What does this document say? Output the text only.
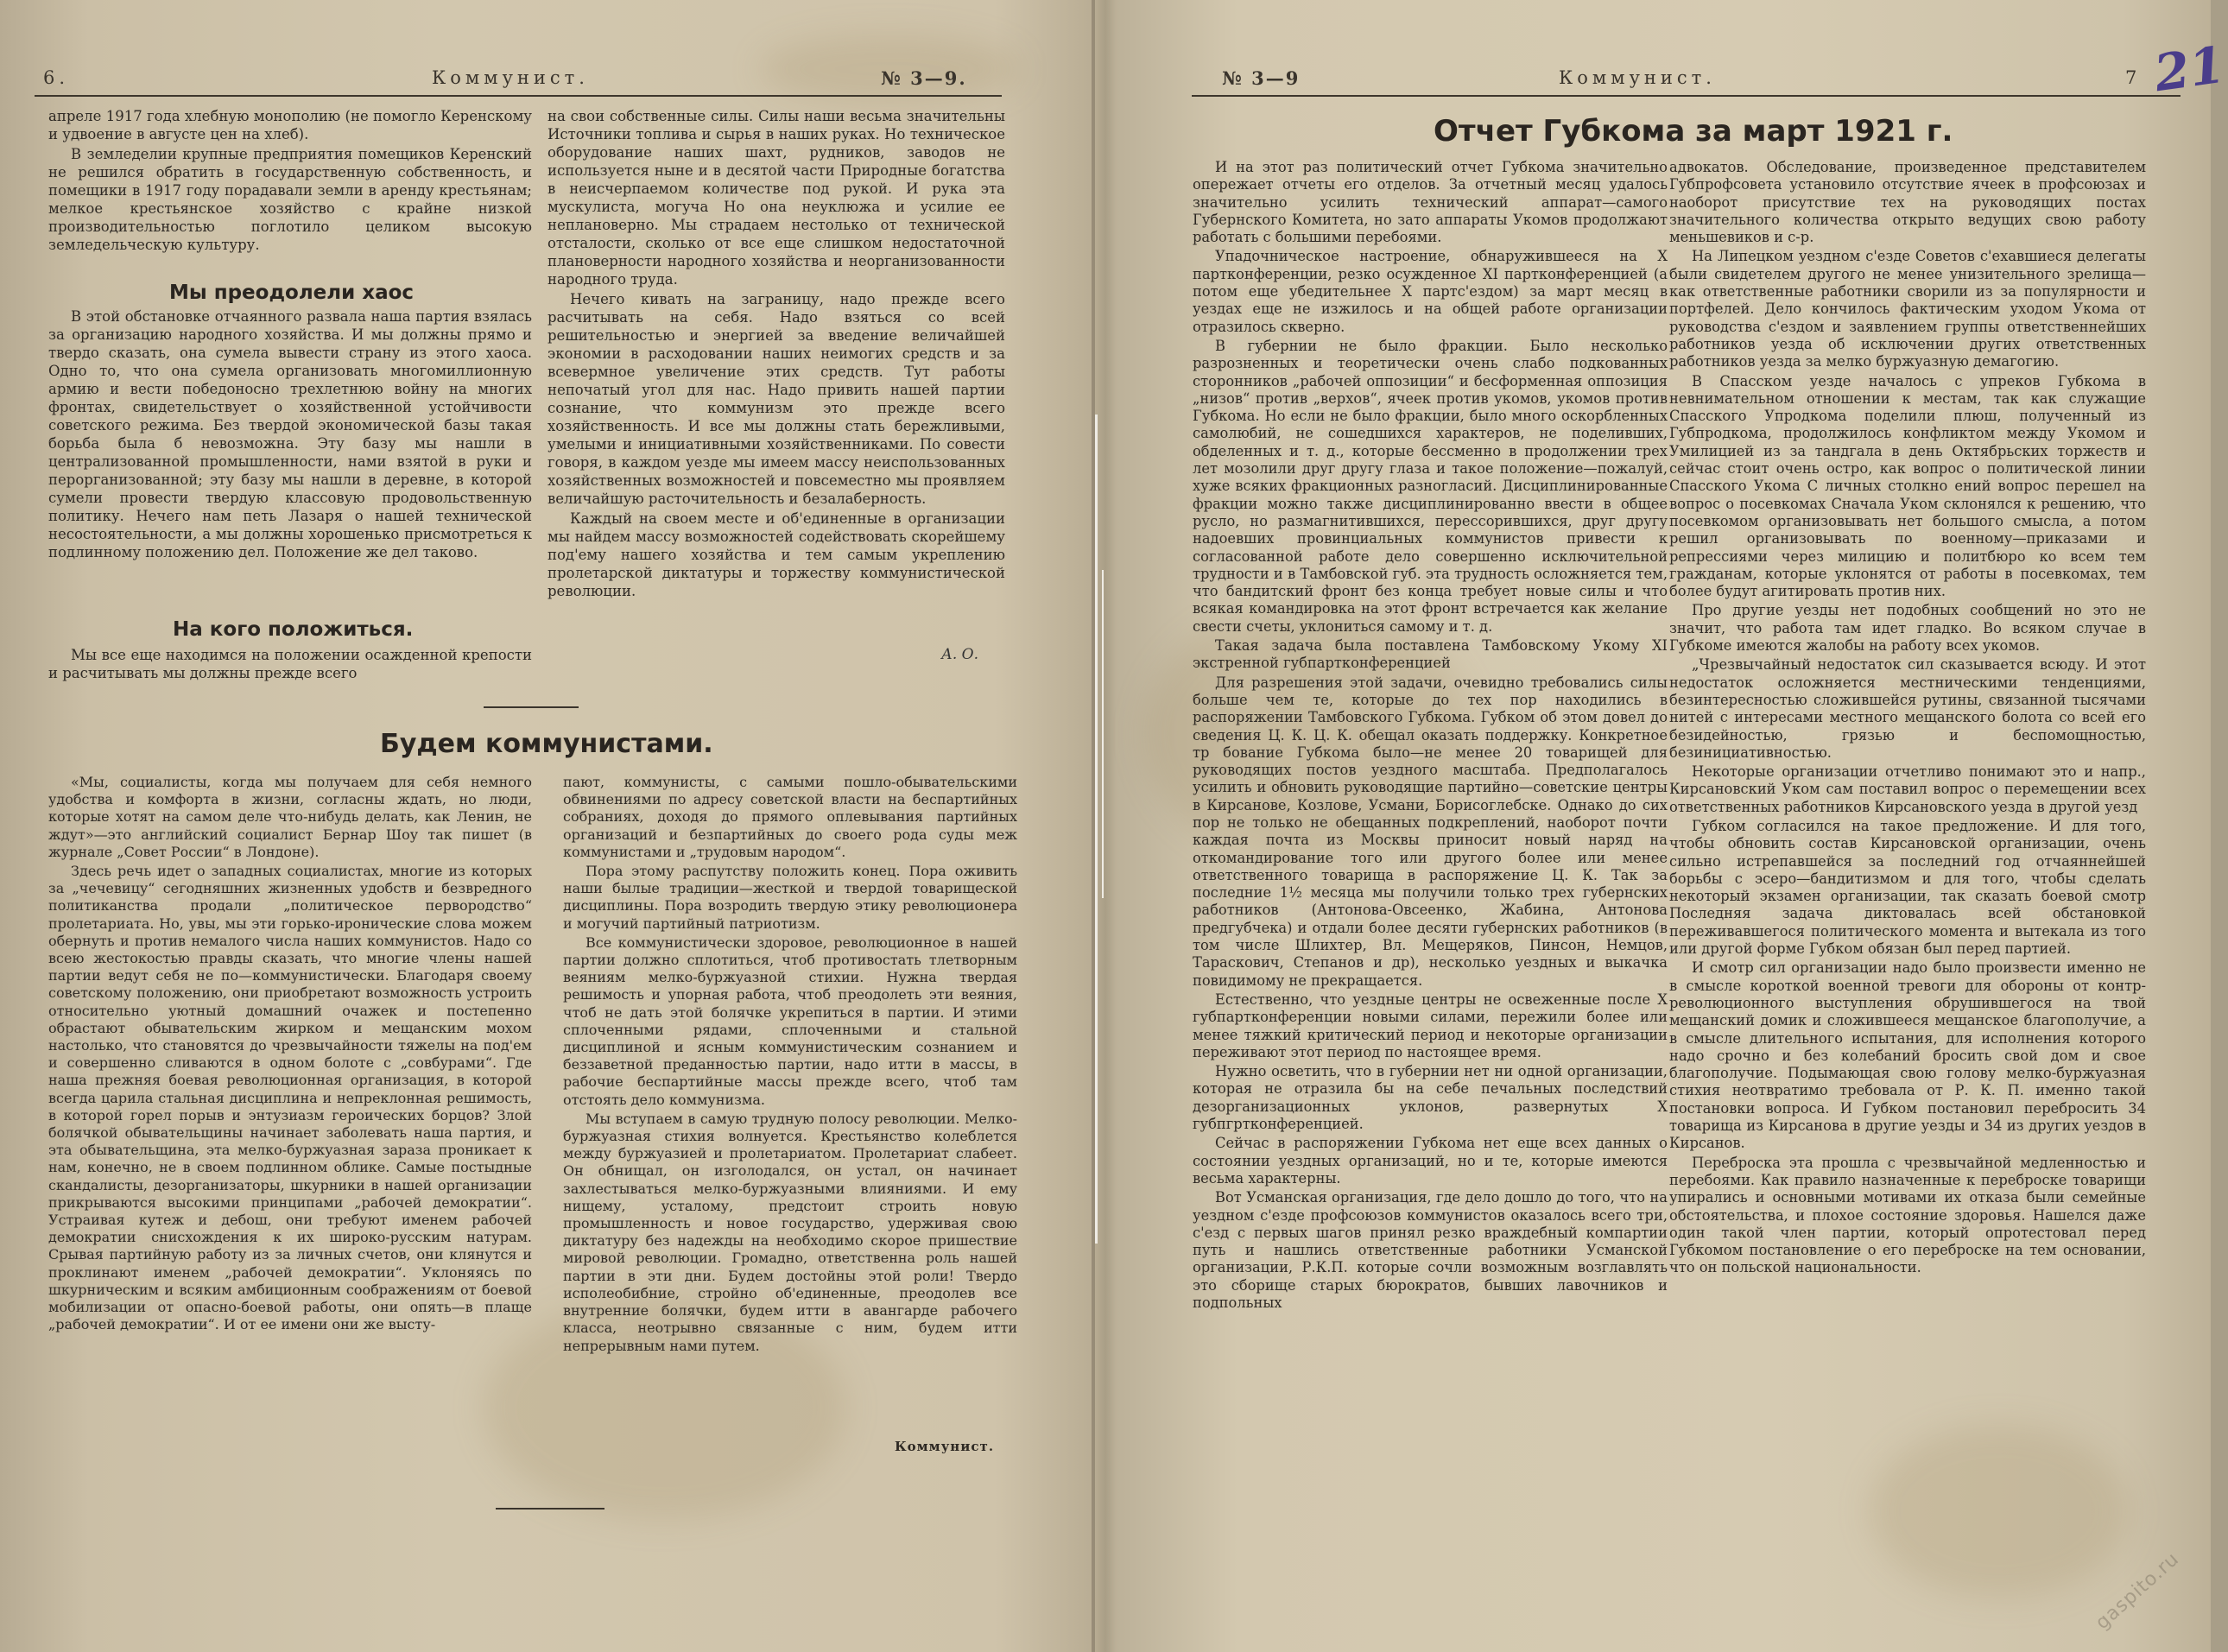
6.	Коммунист.	№ 3—9.

апреле 1917 года хлебную монополию (не помогло Керенскому и удвоение в августе цен на хлеб).

В земледелии крупные предприятия помещиков Керенский не решился обратить в государственную собственность, и помещики в 1917 году порадавали земли в аренду крестьянам; мелкое крестьянское хозяйство с крайне низкой производительностью поглотило целиком высокую земледельческую культуру.

Мы преодолели хаос

В этой обстановке отчаянного развала наша партия взялась за организацию народного хозяйства. И мы должны прямо и твердо сказать, она сумела вывести страну из этого хаоса. Одно то, что она сумела организовать многомиллионную армию и вести победоносно трехлетнюю войну на многих фронтах, свидетельствует о хозяйственной устойчивости советского режима. Без твердой экономической базы такая борьба была б невозможна. Эту базу мы нашли в централизованной промышленности, нами взятой в руки и перорганизованной; эту базу мы нашли в деревне, в которой сумели провести твердую классовую продовольственную политику. Нечего нам петь Лазаря о нашей технической несостоятельности, а мы должны хорошенько присмотреться к подлинному положению дел. Положение же дел таково.

На кого положиться.

Мы все еще находимся на положении осажденной крепости и расчитывать мы должны прежде всего

на свои собственные силы. Силы наши весьма значительны Источники топлива и сырья в наших руках. Но техническое оборудование наших шахт, рудников, заводов не используется ныне и в десятой части Природные богатства в неисчерпаемом количестве под рукой. И рука эта мускулиста, могуча Но она неуклюжа и усилие ее неплановерно. Мы страдаем нестолько от технической отсталости, сколько от все еще слишком недостаточной плановерности народного хозяйства и неорганизованности народного труда.

Нечего кивать на заграницу, надо прежде всего расчитывать на себя. Надо взяться со всей решительностью и энергией за введение величайшей экономии в расходовании наших неимогих средств и за всевермное увеличение этих средств. Тут работы непочатый угол для нас. Надо привить нашей партии сознание, что коммунизм это прежде всего хозяйственность. И все мы должны стать бережливыми, умелыми и инициативными хозяйственниками. По совести говоря, в каждом уезде мы имеем массу неиспользованных хозяйственных возможностей и повсеместно мы проявляем величайшую расточительность и безалаберность.

Каждый на своем месте и об'единенные в организации мы найдем массу возможностей содействовать скорейшему под'ему нашего хозяйства и тем самым укреплению пролетарской диктатуры и торжеству коммунистической революции.

А. О.
Будем коммунистами.

«Мы, социалисты, когда мы получаем для себя немного удобства и комфорта в жизни, согласны ждать, но люди, которые хотят на самом деле что-нибудь делать, как Ленин, не ждут»—это английский социалист Бернар Шоу так пишет (в журнале „Совет России“ в Лондоне).

Здесь речь идет о западных социалистах, многие из которых за „чечевицу“ сегодняшних жизненных удобств и безвредного политиканства продали „политическое первородство“ пролетариата. Но, увы, мы эти горько-иронические слова можем обернуть и против немалого числа наших коммунистов. Надо со всею жестокостью правды сказать, что многие члены нашей партии ведут себя не по—коммунистически. Благодаря своему советскому положению, они приобретают возможность устроить относительно уютный домашний очажек и постепенно обрастают обывательским жирком и мещанским мохом настолько, что становятся до чрезвычайности тяжелы на под'ем и совершенно сливаются в одном болоте с „совбурами“. Где наша прежняя боевая революционная организация, в которой всегда царила стальная дисциплина и непреклонная решимость, в которой горел порыв и энтузиазм героических борцов? Злой болячкой обывательщины начинает заболевать наша партия, и эта обывательщина, эта мелко-буржуазная зараза проникает к нам, конечно, не в своем подлинном облике. Самые постыдные скандалисты, дезорганизаторы, шкурники в нашей организации прикрываются высокими принципами „рабочей демократии“. Устраивая кутеж и дебош, они требуют именем рабочей демократии снисхождения к их широко-русским натурам. Срывая партийную работу из за личных счетов, они клянутся и проклинают именем „рабочей демократии“. Уклоняясь по шкурническим и всяким амбиционным соображениям от боевой мобилизации от опасно-боевой работы, они опять—в плаще „рабочей демократии“. И от ее имени они же высту-

пают, коммунисты, с самыми пошло-обывательскими обвинениями по адресу советской власти на беспартийных собраниях, доходя до прямого оплевывания партийных организаций и безпартийных до своего рода суды меж коммунистами и „трудовым народом“.

Пора этому распутству положить конец. Пора оживить наши былые традиции—жесткой и твердой товарищеской дисциплины. Пора возродить твердую этику революционера и могучий партийный патриотизм.

Все коммунистически здоровое, революционное в нашей партии должно сплотиться, чтоб противостать тлетворным веяниям мелко-буржуазной стихии. Нужна твердая решимость и упорная работа, чтоб преодолеть эти веяния, чтоб не дать этой болячке укрепиться в партии. И этими сплоченными рядами, сплоченными и стальной дисциплиной и ясным коммунистическим сознанием и беззаветной преданностью партии, надо итти в массы, в рабочие беспартийные массы прежде всего, чтоб там отстоять дело коммунизма.

Мы вступаем в самую трудную полосу революции. Мелко-буржуазная стихия волнуется. Крестьянство колеблется между буржуазией и пролетариатом. Пролетариат слабеет. Он обнищал, он изголодался, он устал, он начинает захлестываться мелко-буржуазными влияниями. И ему нищему, усталому, предстоит строить новую промышленность и новое государство, удерживая свою диктатуру без надежды на необходимо скорое пришествие мировой революции. Громадно, ответственна роль нашей партии в эти дни. Будем достойны этой роли! Твердо исполеобибние, стройно об'единенные, преодолев все внутренние болячки, будем итти в авангарде рабочего класса, неотрывно связанные с ним, будем итти непрерывным нами путем.

Коммунист.
№ 3—9	Коммунист.	7 21
Отчет Губкома за март 1921 г.

И на этот раз политический отчет Губкома значительно опережает отчеты его отделов. За отчетный месяц удалось значительно усилить технический аппарат—самого Губернского Комитета, но зато аппараты Укомов продолжают работать с большими перебоями.

Упадочническое настроение, обнаружившееся на Х партконференции, резко осужденное ХI партконференцией (а потом еще убедительнее Х партс'ездом) за март месяц в уездах еще не изжилось и на общей работе организации отразилось скверно.

В губернии не было фракции. Было несколько разрозненных и теоретически очень слабо подкованных сторонников „рабочей оппозиции“ и бесформенная оппозиция „низов“ против „верхов“, ячеек против укомов, укомов против Губкома. Но если не было фракции, было много оскорбленных самолюбий, не сошедшихся характеров, не поделивших, обделенных и т. д., которые бессменно в продолжении трех лет мозолили друг другу глаза и такое положение—пожалуй, хуже всяких фракционных разногласий. Дисциплинированные фракции можно также дисциплинированно ввести в общее русло, но размагнитившихся, перессорившихся, друг другу надоевших провинциальных коммунистов привести к согласованной работе дело совершенно исключительной трудности и в Тамбовской губ. эта трудность осложняется тем, что бандитский фронт без конца требует новые силы и что всякая командировка на этот фронт встречается как желание свести счеты, уклониться самому и т. д.

Такая задача была поставлена Тамбовскому Укому ХI экстренной губпартконференцией

Для разрешения этой задачи, очевидно требовались силы больше чем те, которые до тех пор находились в распоряжении Тамбовского Губкома. Губком об этом довел до сведения Ц. К. Ц. К. обещал оказать поддержку. Конкретное тр бование Губкома было—не менее 20 товарищей для руководящих постов уездного масштаба. Предполагалось усилить и обновить руководящие партийно—советские центры в Кирсанове, Козлове, Усмани, Борисоглебске. Однако до сих пор не только не обещанных подкреплений, наоборот почти каждая почта из Москвы приносит новый наряд на откомандирование того или другого более или менее ответственного товарища в распоряжение Ц. К. Так за последние 1½ месяца мы получили только трех губернских работников (Антонова-Овсеенко, Жабина, Антонова предгубчека) и отдали более десяти губернских работников (в том числе Шлихтер, Вл. Мещеряков, Пинсон, Немцов, Тараскович, Степанов и др), несколько уездных и выкачка повидимому не прекращается.

Естественно, что уездные центры не освеженные после Х губпартконференции новыми силами, пережили более или менее тяжкий критический период и некоторые организации переживают этот период по настоящее время.

Нужно осветить, что в губернии нет ни одной организации, которая не отразила бы на себе печальных последствий дезорганизационных уклонов, развернутых Х губпгртконференцией.

Сейчас в распоряжении Губкома нет еще всех данных о состоянии уездных организаций, но и те, которые имеются весьма характерны.

Вот Усманская организация, где дело дошло до того, что на уездном с'езде профсоюзов коммунистов оказалось всего три, с'езд с первых шагов принял резко враждебный компартии путь и нашлись ответственные работники Усманской организации, Р.К.П. которые сочли возможным возглавлять это сборище старых бюрократов, бывших лавочников и подпольных

адвокатов. Обследование, произведенное представителем Губпрофсовета установило отсутствие ячеек в профсоюзах и наоборот присутствие тех на руководящих постах значительного количества открыто ведущих свою работу меньшевиков и с-р.

На Липецком уездном с'езде Советов с'ехавшиеся делегаты были свидетелем другого не менее унизительного зрелища—как ответственные работники сворили из за популярности и портфелей. Дело кончилось фактическим уходом Укома от руководства с'ездом и заявлением группы ответственнейших работников уезда об исключении других ответственных работников уезда за мелко буржуазную демагогию.

В Спасском уезде началось с упреков Губкома в невнимательном отношении к местам, так как служащие Спасского Упродкома поделили плюш, полученный из Губпродкома, продолжилось конфликтом между Укомом и Умилицией из за тандгала в день Октябрьских торжеств и сейчас стоит очень остро, как вопрос о политической линии Спасского Укома С личных столкно ений вопрос перешел на вопрос о посевкомах Сначала Уком склонялся к решению, что посевкомом организовывать нет большого смысла, а потом решил организовывать по военному—приказами и репрессиями через милицию и политбюро ко всем тем гражданам, которые уклонятся от работы в посевкомах, тем более будут агитировать против них.

Про другие уезды нет подобных сообщений но это не значит, что работа там идет гладко. Во всяком случае в Губкоме имеются жалобы на работу всех укомов.

„Чрезвычайный недостаток сил сказывается всюду. И этот недостаток осложняется местническими тенденциями, безинтересностью сложившейся рутины, связанной тысячами нитей с интересами местного мещанского болота со всей его безидейностью, грязью и беспомощностью, безинициативностью.

Некоторые организации отчетливо понимают это и напр., Кирсановский Уком сам поставил вопрос о перемещении всех ответственных работников Кирсановского уезда в другой уезд

Губком согласился на такое предложение. И для того, чтобы обновить состав Кирсановской организации, очень сильно истрепавшейся за последний год отчаяннейшей борьбы с эсеро—бандитизмом и для того, чтобы сделать некоторый экзамен организации, так сказать боевой смотр Последняя задача диктовалась всей обстановкой переживавшегося политического момента и вытекала из того или другой форме Губком обязан был перед партией.

И смотр сил организации надо было произвести именно не в смысле короткой военной тревоги для обороны от контр-революционного выступления обрушившегося на твой мещанский домик и сложившееся мещанское благополучие, а в смысле длительного испытания, для исполнения которого надо срочно и без колебаний бросить свой дом и свое благополучие. Подымающая свою голову мелко-буржуазная стихия неотвратимо требовала от Р. К. П. именно такой постановки вопроса. И Губком постановил перебросить 34 товарища из Кирсанова в другие уезды и 34 из других уездов в Кирсанов.

Переброска эта прошла с чрезвычайной медленностью и перебоями. Как правило назначенные к переброске товарищи упирались и основными мотивами их отказа были семейные обстоятельства, и плохое состояние здоровья. Нашелся даже один такой член партии, который опротестовал перед Губкомом постановление о его переброске на тем основании, что он польской национальности.

gaspito.ru
